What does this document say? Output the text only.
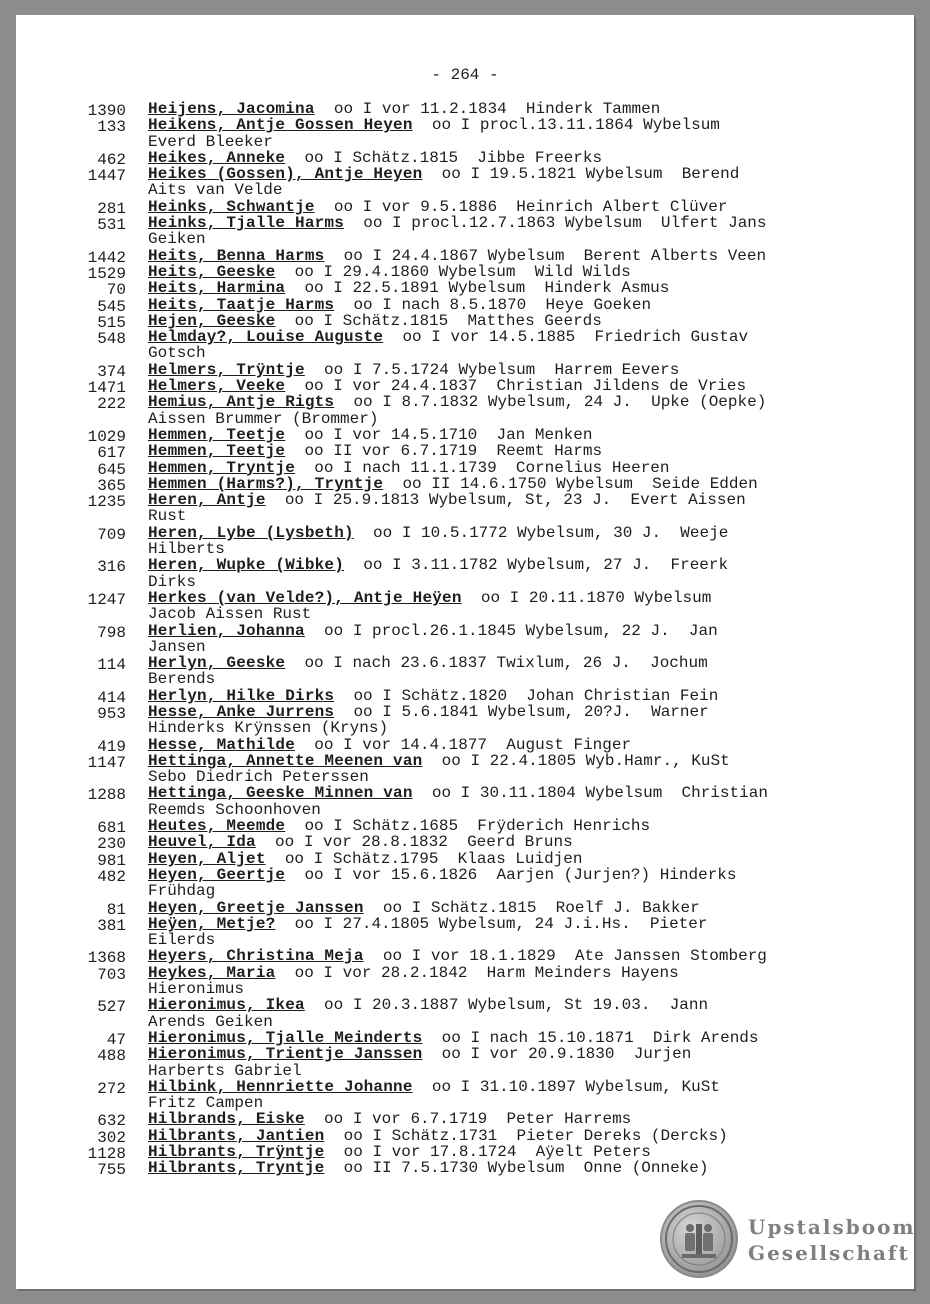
- 264 -
1390 Heijens, Jacomina oo I vor 11.2.1834  Hinderk Tammen
133 Heikens, Antje Gossen Heyen oo I procl.13.11.1864 Wybelsum
Everd Bleeker
462 Heikes, Anneke oo I Schätz.1815  Jibbe Freerks
1447 Heikes (Gossen), Antje Heyen oo I 19.5.1821 Wybelsum  Berend
Aits van Velde
281 Heinks, Schwantje oo I vor 9.5.1886  Heinrich Albert Clüver
531 Heinks, Tjalle Harms oo I procl.12.7.1863 Wybelsum  Ulfert Jans
Geiken
1442 Heits, Benna Harms oo I 24.4.1867 Wybelsum  Berent Alberts Veen
1529 Heits, Geeske oo I 29.4.1860 Wybelsum  Wild Wilds
70 Heits, Harmina oo I 22.5.1891 Wybelsum  Hinderk Asmus
545 Heits, Taatje Harms oo I nach 8.5.1870  Heye Goeken
515 Hejen, Geeske oo I Schätz.1815  Matthes Geerds
548 Helmday?, Louise Auguste oo I vor 14.5.1885  Friedrich Gustav
Gotsch
374 Helmers, Trÿntje oo I 7.5.1724 Wybelsum  Harrem Eevers
1471 Helmers, Veeke oo I vor 24.4.1837  Christian Jildens de Vries
222 Hemius, Antje Rigts oo I 8.7.1832 Wybelsum, 24 J.  Upke (Oepke)
Aissen Brummer (Brommer)
1029 Hemmen, Teetje oo I vor 14.5.1710  Jan Menken
617 Hemmen, Teetje oo II vor 6.7.1719  Reemt Harms
645 Hemmen, Tryntje oo I nach 11.1.1739  Cornelius Heeren
365 Hemmen (Harms?), Tryntje oo II 14.6.1750 Wybelsum  Seide Edden
1235 Heren, Antje oo I 25.9.1813 Wybelsum, St, 23 J.  Evert Aissen
Rust
709 Heren, Lybe (Lysbeth) oo I 10.5.1772 Wybelsum, 30 J.  Weeje
Hilberts
316 Heren, Wupke (Wibke) oo I 3.11.1782 Wybelsum, 27 J.  Freerk
Dirks
1247 Herkes (van Velde?), Antje Heÿen oo I 20.11.1870 Wybelsum
Jacob Aissen Rust
798 Herlien, Johanna oo I procl.26.1.1845 Wybelsum, 22 J.  Jan
Jansen
114 Herlyn, Geeske oo I nach 23.6.1837 Twixlum, 26 J.  Jochum
Berends
414 Herlyn, Hilke Dirks oo I Schätz.1820  Johan Christian Fein
953 Hesse, Anke Jurrens oo I 5.6.1841 Wybelsum, 20?J.  Warner
Hinderks Krÿnssen (Kryns)
419 Hesse, Mathilde oo I vor 14.4.1877  August Finger
1147 Hettinga, Annette Meenen van oo I 22.4.1805 Wyb.Hamr., KuSt
Sebo Diedrich Peterssen
1288 Hettinga, Geeske Minnen van oo I 30.11.1804 Wybelsum  Christian
Reemds Schoonhoven
681 Heutes, Meemde oo I Schätz.1685  Frÿderich Henrichs
230 Heuvel, Ida oo I vor 28.8.1832  Geerd Bruns
981 Heyen, Aljet oo I Schätz.1795  Klaas Luidjen
482 Heyen, Geertje oo I vor 15.6.1826  Aarjen (Jurjen?) Hinderks
Frühdag
81 Heyen, Greetje Janssen oo I Schätz.1815  Roelf J. Bakker
381 Heÿen, Metje? oo I 27.4.1805 Wybelsum, 24 J.i.Hs.  Pieter
Eilerds
1368 Heyers, Christina Meja oo I vor 18.1.1829  Ate Janssen Stomberg
703 Heykes, Maria oo I vor 28.2.1842  Harm Meinders Hayens
Hieronimus
527 Hieronimus, Ikea oo I 20.3.1887 Wybelsum, St 19.03.  Jann
Arends Geiken
47 Hieronimus, Tjalle Meinderts oo I nach 15.10.1871  Dirk Arends
488 Hieronimus, Trientje Janssen oo I vor 20.9.1830  Jurjen
Harberts Gabriel
272 Hilbink, Hennriette Johanne oo I 31.10.1897 Wybelsum, KuSt
Fritz Campen
632 Hilbrands, Eiske oo I vor 6.7.1719  Peter Harrems
302 Hilbrants, Jantien oo I Schätz.1731  Pieter Dereks (Dercks)
1128 Hilbrants, Trÿntje oo I vor 17.8.1724  Aÿelt Peters
755 Hilbrants, Tryntje oo II 7.5.1730 Wybelsum  Onne (Onneke)
Upstalsboom
Gesellschaft
